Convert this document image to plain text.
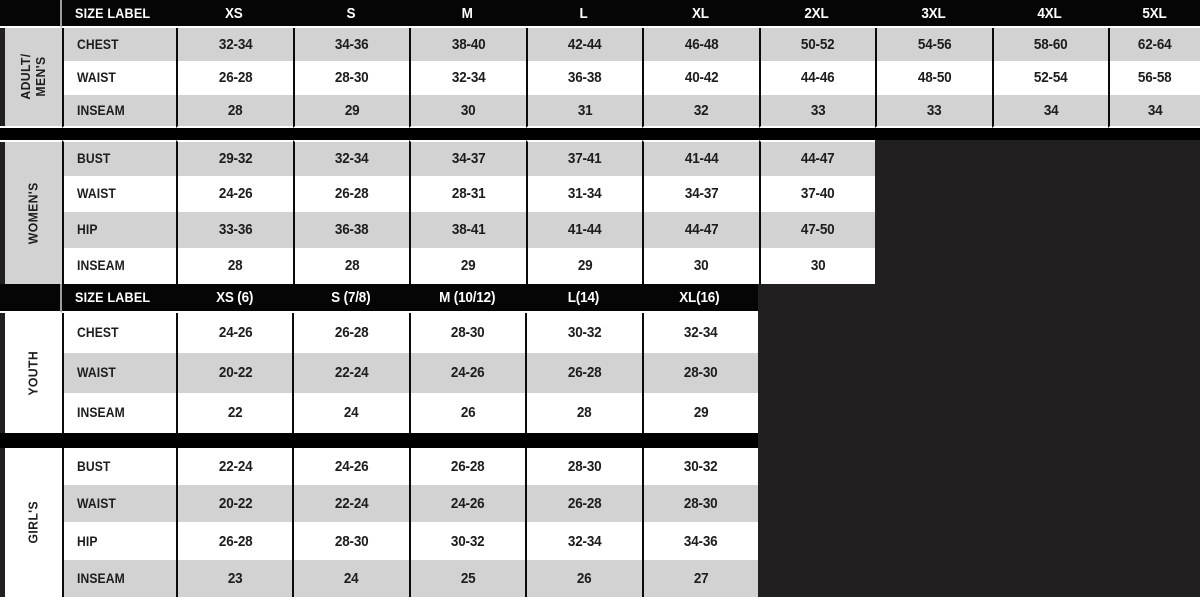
SIZE LABEL	XS	S	M	L	XL	2XL	3XL	4XL	5XL
ADULT/ MEN'S
CHEST	32-34	34-36	38-40	42-44	46-48	50-52	54-56	58-60	62-64
WAIST	26-28	28-30	32-34	36-38	40-42	44-46	48-50	52-54	56-58
INSEAM	28	29	30	31	32	33	33	34	34
WOMEN'S
BUST	29-32	32-34	34-37	37-41	41-44	44-47
WAIST	24-26	26-28	28-31	31-34	34-37	37-40
HIP	33-36	36-38	38-41	41-44	44-47	47-50
INSEAM	28	28	29	29	30	30
SIZE LABEL	XS (6)	S (7/8)	M (10/12)	L(14)	XL(16)
YOUTH
CHEST	24-26	26-28	28-30	30-32	32-34
WAIST	20-22	22-24	24-26	26-28	28-30
INSEAM	22	24	26	28	29
GIRL'S
BUST	22-24	24-26	26-28	28-30	30-32
WAIST	20-22	22-24	24-26	26-28	28-30
HIP	26-28	28-30	30-32	32-34	34-36
INSEAM	23	24	25	26	27
